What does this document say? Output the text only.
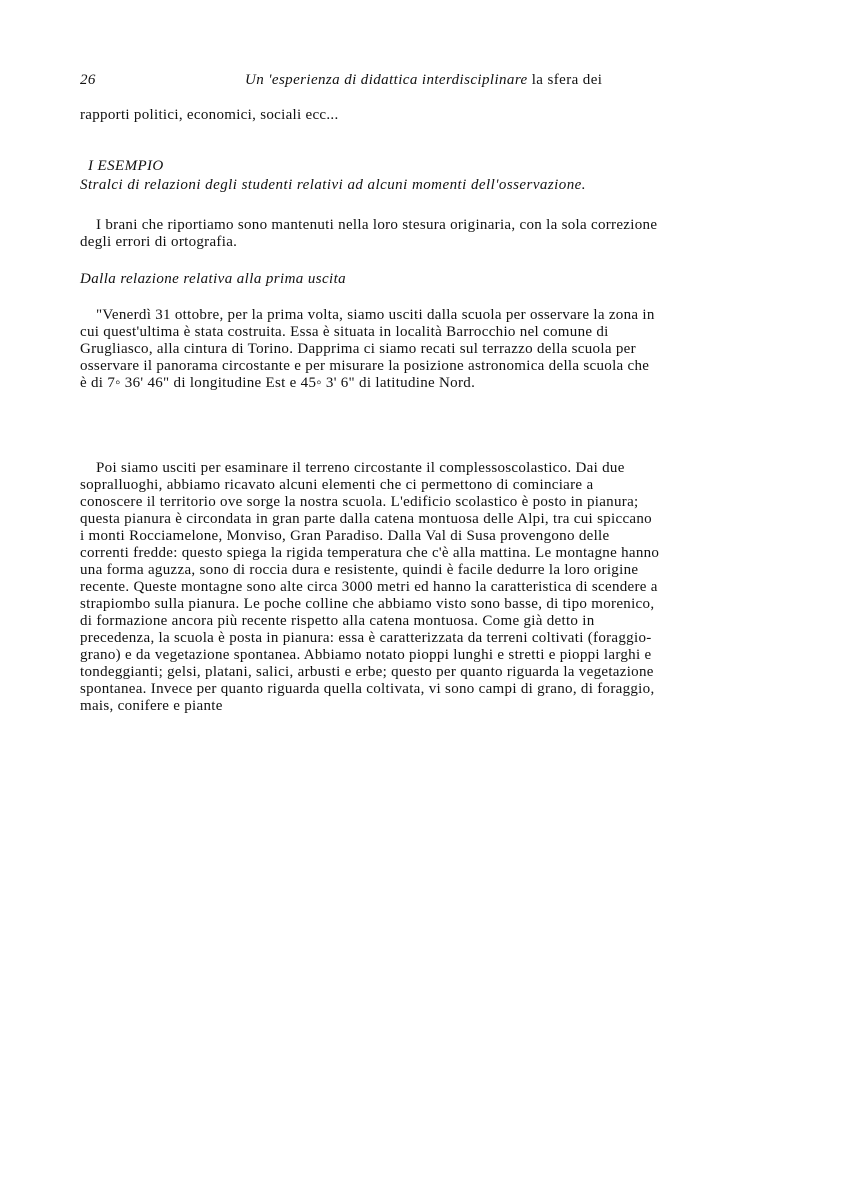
26	Un 'esperienza di didattica interdisciplinare la sfera dei

rapporti politici, economici, sociali ecc...

I ESEMPIO
Stralci di relazioni degli studenti relativi ad alcuni momenti dell'osservazione.

I brani che riportiamo sono mantenuti nella loro stesura originaria, con la sola correzione degli errori di ortografia.

Dalla relazione relativa alla prima uscita

"Venerdì 31 ottobre, per la prima volta, siamo usciti dalla scuola per osservare la zona in cui quest'ultima è stata costruita. Essa è situata in località Barrocchio nel comune di Grugliasco, alla cintura di Torino. Dapprima ci siamo recati sul terrazzo della scuola per osservare il panorama circostante e per misurare la posizione astronomica della scuola che è di 7◦ 36' 46" di longitudine Est e 45◦ 3' 6" di latitudine Nord.

Poi siamo usciti per esaminare il terreno circostante il complessoscolastico. Dai due sopralluoghi, abbiamo ricavato alcuni elementi che ci permettono di cominciare a conoscere il territorio ove sorge la nostra scuola. L'edificio scolastico è posto in pianura; questa pianura è circondata in gran parte dalla catena montuosa delle Alpi, tra cui spiccano i monti Rocciamelone, Monviso, Gran Paradiso. Dalla Val di Susa provengono delle correnti fredde: questo spiega la rigida temperatura che c'è alla mattina. Le montagne hanno una forma aguzza, sono di roccia dura e resistente, quindi è facile dedurre la loro origine recente. Queste montagne sono alte circa 3000 metri ed hanno la caratteristica di scendere a strapiombo sulla pianura. Le poche colline che abbiamo visto sono basse, di tipo morenico, di formazione ancora più recente rispetto alla catena montuosa. Come già detto in precedenza, la scuola è posta in pianura: essa è caratterizzata da terreni coltivati (foraggio-grano) e da vegetazione spontanea. Abbiamo notato pioppi lunghi e stretti e pioppi larghi e tondeggianti; gelsi, platani, salici, arbusti e erbe; questo per quanto riguarda la vegetazione spontanea. Invece per quanto riguarda quella coltivata, vi sono campi di grano, di foraggio, mais, conifere e piante
